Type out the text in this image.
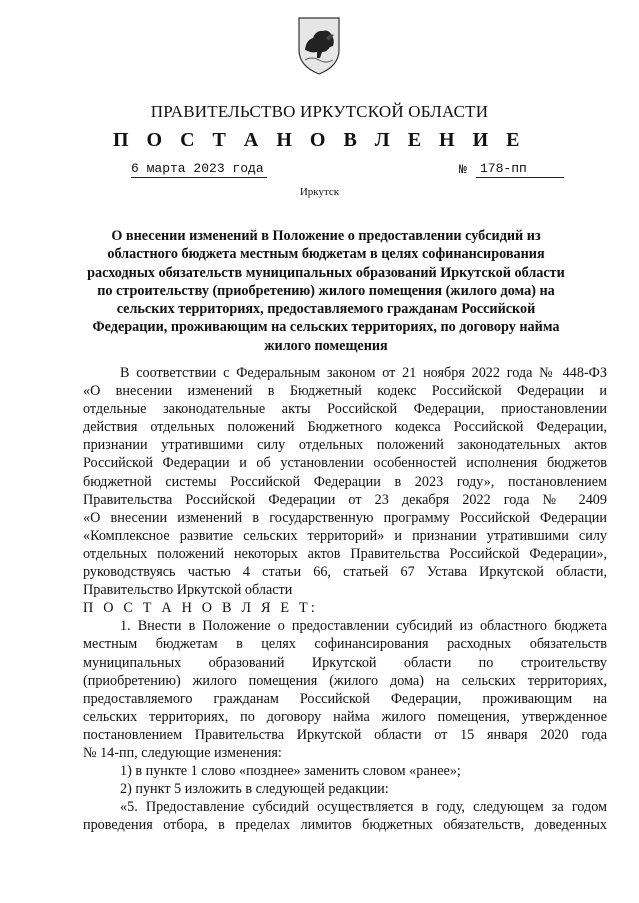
ПРАВИТЕЛЬСТВО ИРКУТСКОЙ ОБЛАСТИ
П О С Т А Н О В Л Е Н И Е
6 марта 2023 года	№	178-пп
Иркутск
О внесении изменений в Положение о предоставлении субсидий из
областного бюджета местным бюджетам в целях софинансирования
расходных обязательств муниципальных образований Иркутской области
по строительству (приобретению) жилого помещения (жилого дома) на
сельских территориях, предоставляемого гражданам Российской
Федерации, проживающим на сельских территориях, по договору найма
жилого помещения
В соответствии с Федеральным законом от 21 ноября 2022 года № 448-ФЗ
«О внесении изменений в Бюджетный кодекс Российской Федерации и
отдельные законодательные акты Российской Федерации, приостановлении
действия отдельных положений Бюджетного кодекса Российской Федерации,
признании утратившими силу отдельных положений законодательных актов
Российской Федерации и об установлении особенностей исполнения бюджетов
бюджетной системы Российской Федерации в 2023 году», постановлением
Правительства Российской Федерации от 23 декабря 2022 года № 2409
«О внесении изменений в государственную программу Российской Федерации
«Комплексное развитие сельских территорий» и признании утратившими силу
отдельных положений некоторых актов Правительства Российской Федерации»,
руководствуясь частью 4 статьи 66, статьей 67 Устава Иркутской области,
Правительство Иркутской области
П О С Т А Н О В Л Я Е Т:
1. Внести в Положение о предоставлении субсидий из областного бюджета
местным бюджетам в целях софинансирования расходных обязательств
муниципальных образований Иркутской области по строительству
(приобретению) жилого помещения (жилого дома) на сельских территориях,
предоставляемого гражданам Российской Федерации, проживающим на
сельских территориях, по договору найма жилого помещения, утвержденное
постановлением Правительства Иркутской области от 15 января 2020 года
№ 14-пп, следующие изменения:
1) в пункте 1 слово «позднее» заменить словом «ранее»;
2) пункт 5 изложить в следующей редакции:
«5. Предоставление субсидий осуществляется в году, следующем за годом
проведения отбора, в пределах лимитов бюджетных обязательств, доведенных
